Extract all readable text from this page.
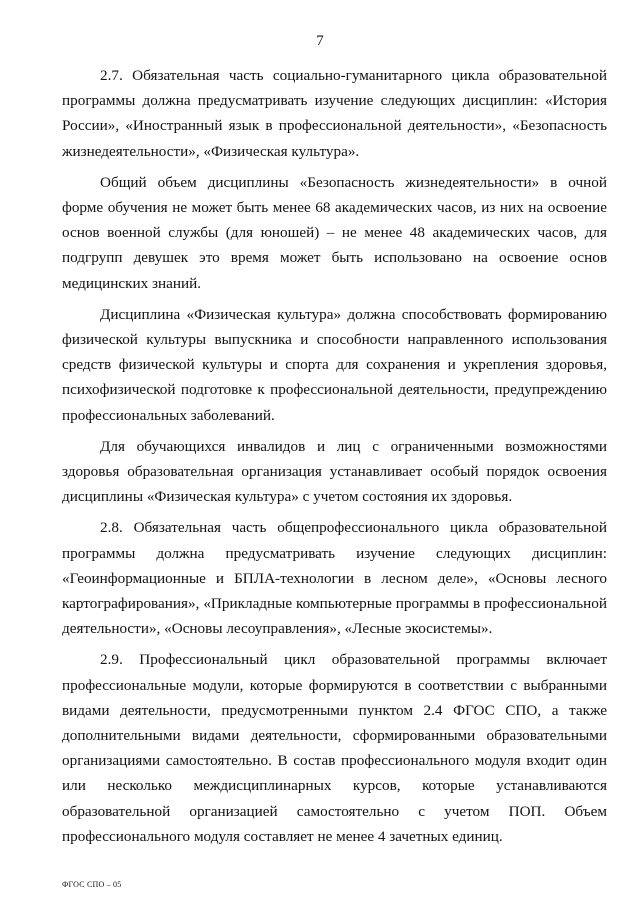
7

2.7. Обязательная часть социально-гуманитарного цикла образовательной программы должна предусматривать изучение следующих дисциплин: «История России», «Иностранный язык в профессиональной деятельности», «Безопасность жизнедеятельности», «Физическая культура».

Общий объем дисциплины «Безопасность жизнедеятельности» в очной форме обучения не может быть менее 68 академических часов, из них на освоение основ военной службы (для юношей) – не менее 48 академических часов, для подгрупп девушек это время может быть использовано на освоение основ медицинских знаний.

Дисциплина «Физическая культура» должна способствовать формированию физической культуры выпускника и способности направленного использования средств физической культуры и спорта для сохранения и укрепления здоровья, психофизической подготовке к профессиональной деятельности, предупреждению профессиональных заболеваний.

Для обучающихся инвалидов и лиц с ограниченными возможностями здоровья образовательная организация устанавливает особый порядок освоения дисциплины «Физическая культура» с учетом состояния их здоровья.

2.8. Обязательная часть общепрофессионального цикла образовательной программы должна предусматривать изучение следующих дисциплин: «Геоинформационные и БПЛА-технологии в лесном деле», «Основы лесного картографирования», «Прикладные компьютерные программы в профессиональной деятельности», «Основы лесоуправления», «Лесные экосистемы».

2.9. Профессиональный цикл образовательной программы включает профессиональные модули, которые формируются в соответствии с выбранными видами деятельности, предусмотренными пунктом 2.4 ФГОС СПО, а также дополнительными видами деятельности, сформированными образовательными организациями самостоятельно. В состав профессионального модуля входит один или несколько междисциплинарных курсов, которые устанавливаются образовательной организацией самостоятельно с учетом ПОП. Объем профессионального модуля составляет не менее 4 зачетных единиц.

ФГОС СПО – 05
